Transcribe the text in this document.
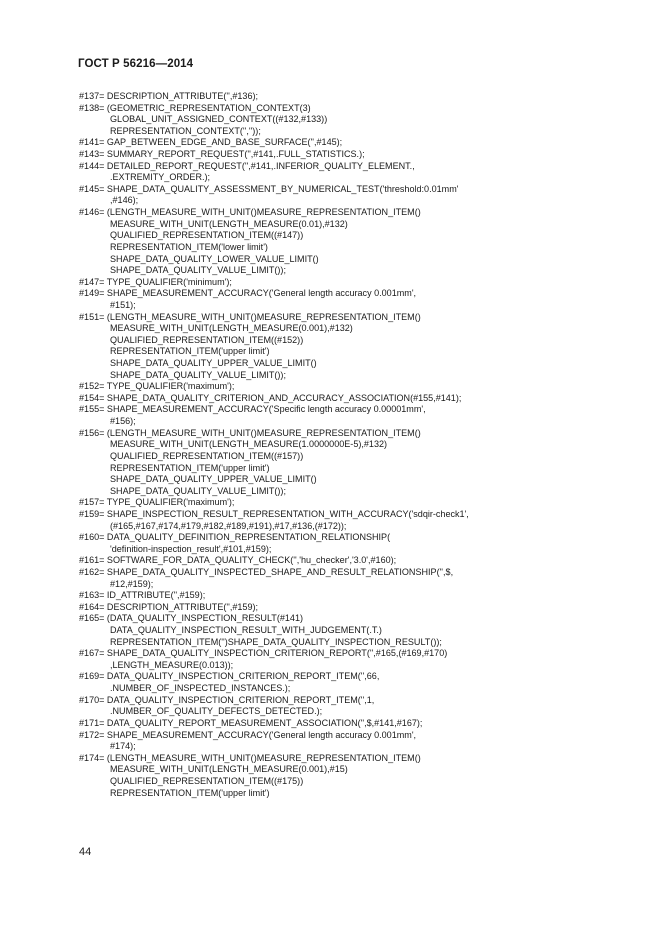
ГОСТ Р 56216—2014
#137= DESCRIPTION_ATTRIBUTE('',#136);
#138= (GEOMETRIC_REPRESENTATION_CONTEXT(3)
GLOBAL_UNIT_ASSIGNED_CONTEXT((#132,#133))
REPRESENTATION_CONTEXT('',''));
#141= GAP_BETWEEN_EDGE_AND_BASE_SURFACE('',#145);
#143= SUMMARY_REPORT_REQUEST('',#141,.FULL_STATISTICS.);
#144= DETAILED_REPORT_REQUEST('',#141,.INFERIOR_QUALITY_ELEMENT.,
.EXTREMITY_ORDER.);
#145= SHAPE_DATA_QUALITY_ASSESSMENT_BY_NUMERICAL_TEST('threshold:0.01mm'
,#146);
#146= (LENGTH_MEASURE_WITH_UNIT()MEASURE_REPRESENTATION_ITEM()
MEASURE_WITH_UNIT(LENGTH_MEASURE(0.01),#132)
QUALIFIED_REPRESENTATION_ITEM((#147))
REPRESENTATION_ITEM('lower limit')
SHAPE_DATA_QUALITY_LOWER_VALUE_LIMIT()
SHAPE_DATA_QUALITY_VALUE_LIMIT());
#147= TYPE_QUALIFIER('minimum');
#149= SHAPE_MEASUREMENT_ACCURACY('General length accuracy 0.001mm',
#151);
#151= (LENGTH_MEASURE_WITH_UNIT()MEASURE_REPRESENTATION_ITEM()
MEASURE_WITH_UNIT(LENGTH_MEASURE(0.001),#132)
QUALIFIED_REPRESENTATION_ITEM((#152))
REPRESENTATION_ITEM('upper limit')
SHAPE_DATA_QUALITY_UPPER_VALUE_LIMIT()
SHAPE_DATA_QUALITY_VALUE_LIMIT());
#152= TYPE_QUALIFIER('maximum');
#154= SHAPE_DATA_QUALITY_CRITERION_AND_ACCURACY_ASSOCIATION(#155,#141);
#155= SHAPE_MEASUREMENT_ACCURACY('Specific length accuracy 0.00001mm',
#156);
#156= (LENGTH_MEASURE_WITH_UNIT()MEASURE_REPRESENTATION_ITEM()
MEASURE_WITH_UNIT(LENGTH_MEASURE(1.0000000E-5),#132)
QUALIFIED_REPRESENTATION_ITEM((#157))
REPRESENTATION_ITEM('upper limit')
SHAPE_DATA_QUALITY_UPPER_VALUE_LIMIT()
SHAPE_DATA_QUALITY_VALUE_LIMIT());
#157= TYPE_QUALIFIER('maximum');
#159= SHAPE_INSPECTION_RESULT_REPRESENTATION_WITH_ACCURACY('sdqir-check1',
(#165,#167,#174,#179,#182,#189,#191),#17,#136,(#172));
#160= DATA_QUALITY_DEFINITION_REPRESENTATION_RELATIONSHIP(
'definition-inspection_result',#101,#159);
#161= SOFTWARE_FOR_DATA_QUALITY_CHECK('','hu_checker','3.0',#160);
#162= SHAPE_DATA_QUALITY_INSPECTED_SHAPE_AND_RESULT_RELATIONSHIP('',$,
#12,#159);
#163= ID_ATTRIBUTE('',#159);
#164= DESCRIPTION_ATTRIBUTE('',#159);
#165= (DATA_QUALITY_INSPECTION_RESULT(#141)
DATA_QUALITY_INSPECTION_RESULT_WITH_JUDGEMENT(.T.)
REPRESENTATION_ITEM('')SHAPE_DATA_QUALITY_INSPECTION_RESULT());
#167= SHAPE_DATA_QUALITY_INSPECTION_CRITERION_REPORT('',#165,(#169,#170)
,LENGTH_MEASURE(0.013));
#169= DATA_QUALITY_INSPECTION_CRITERION_REPORT_ITEM('',66,
.NUMBER_OF_INSPECTED_INSTANCES.);
#170= DATA_QUALITY_INSPECTION_CRITERION_REPORT_ITEM('',1,
.NUMBER_OF_QUALITY_DEFECTS_DETECTED.);
#171= DATA_QUALITY_REPORT_MEASUREMENT_ASSOCIATION('',$,#141,#167);
#172= SHAPE_MEASUREMENT_ACCURACY('General length accuracy 0.001mm',
#174);
#174= (LENGTH_MEASURE_WITH_UNIT()MEASURE_REPRESENTATION_ITEM()
MEASURE_WITH_UNIT(LENGTH_MEASURE(0.001),#15)
QUALIFIED_REPRESENTATION_ITEM((#175))
REPRESENTATION_ITEM('upper limit')
44
